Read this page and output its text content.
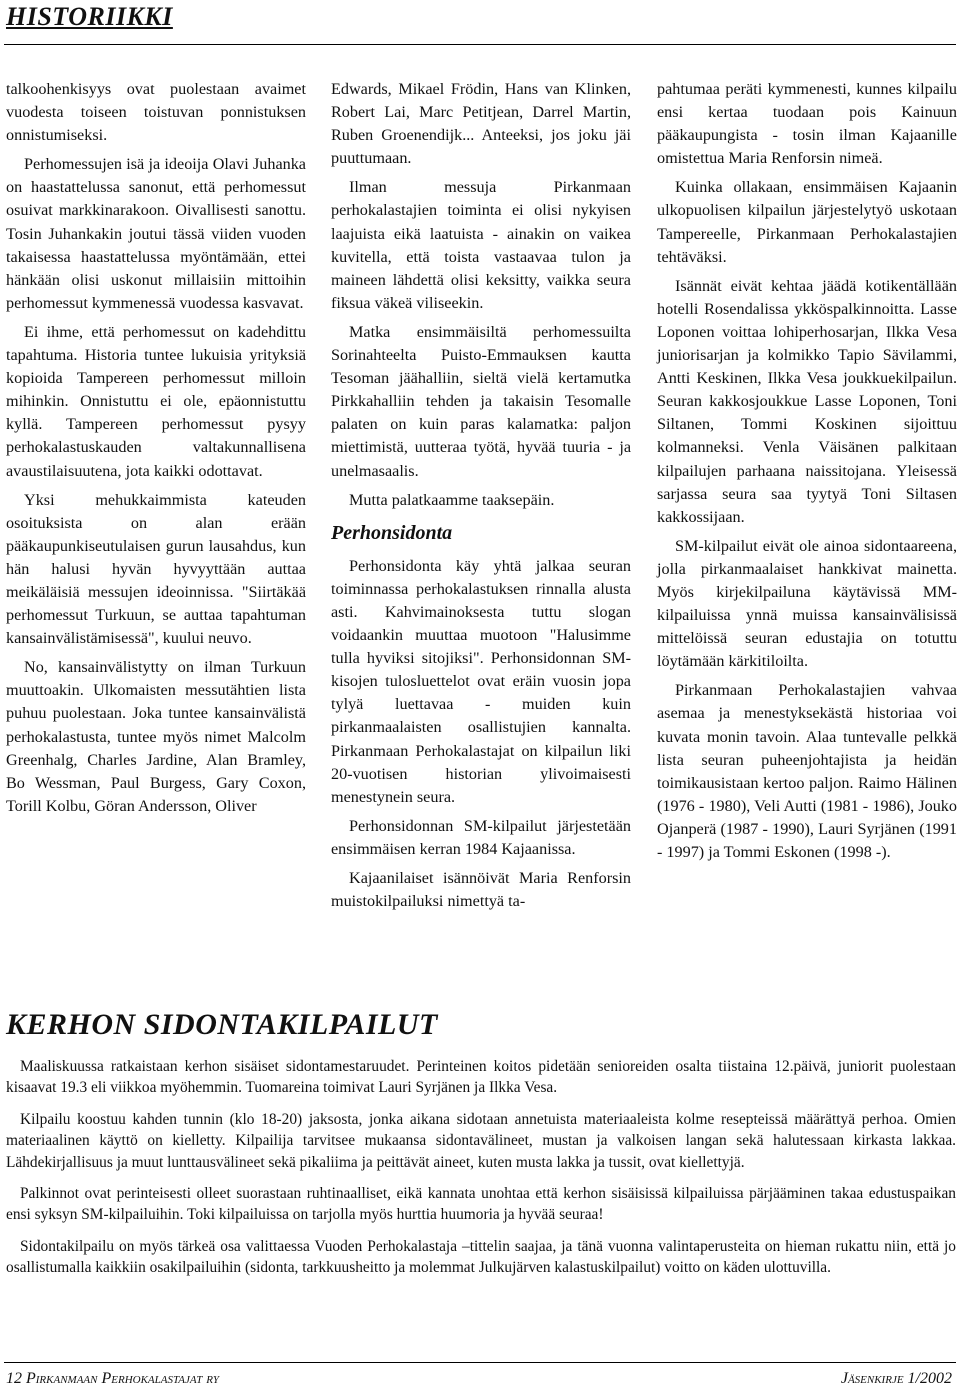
HISTORIIKKI

talkoohenkisyys ovat puolestaan avaimet vuodesta toiseen toistuvan ponnistuksen onnistumiseksi.

Perhomessujen isä ja ideoija Olavi Juhanka on haastattelussa sanonut, että perhomessut osuivat markkinarakoon. Oivallisesti sanottu. Tosin Juhankakin joutui tässä viiden vuoden takaisessa haastattelussa myöntämään, ettei hänkään olisi uskonut millaisiin mittoihin perhomessut kymmenessä vuodessa kasvavat.

Ei ihme, että perhomessut on kadehdittu tapahtuma. Historia tuntee lukuisia yrityksiä kopioida Tampereen perhomessut milloin mihinkin. Onnistuttu ei ole, epäonnistuttu kyllä. Tampereen perhomessut pysyy perhokalastuskauden valtakunnallisena avaustilaisuutena, jota kaikki odottavat.

Yksi mehukkaimmista kateuden osoituksista on alan erään pääkaupunkiseutulaisen gurun lausahdus, kun hän halusi hyvän hyvyyttään auttaa meikäläisiä messujen ideoinnissa. "Siirtäkää perhomessut Turkuun, se auttaa tapahtuman kansainvälistämisessä", kuului neuvo.

No, kansainvälistytty on ilman Turkuun muuttoakin. Ulkomaisten messutähtien lista puhuu puolestaan. Joka tuntee kansainvälistä perhokalastusta, tuntee myös nimet Malcolm Greenhalg, Charles Jardine, Alan Bramley, Bo Wessman, Paul Burgess, Gary Coxon, Torill Kolbu, Göran Andersson, Oliver

Edwards, Mikael Frödin, Hans van Klinken, Robert Lai, Marc Petitjean, Darrel Martin, Ruben Groenendijk... Anteeksi, jos joku jäi puuttumaan.

Ilman messuja Pirkanmaan perhokalastajien toiminta ei olisi nykyisen laajuista eikä laatuista - ainakin on vaikea kuvitella, että toista vastaavaa tulon ja maineen lähdettä olisi keksitty, vaikka seura fiksua väkeä viliseekin.

Matka ensimmäisiltä perhomessuilta Sorinahteelta Puisto-Emmauksen kautta Tesoman jäähalliin, sieltä vielä kertamutka Pirkkahalliin tehden ja takaisin Tesomalle palaten on kuin paras kalamatka: paljon miettimistä, uutteraa työtä, hyvää tuuria - ja unelmasaalis.

Mutta palatkaamme taaksepäin.

Perhonsidonta

Perhonsidonta käy yhtä jalkaa seuran toiminnassa perhokalastuksen rinnalla alusta asti. Kahvimainoksesta tuttu slogan voidaankin muuttaa muotoon "Halusimme tulla hyviksi sitojiksi". Perhonsidonnan SM-kisojen tulosluettelot ovat eräin vuosin jopa tylyä luettavaa - muiden kuin pirkanmaalaisten osallistujien kannalta. Pirkanmaan Perhokalastajat on kilpailun liki 20-vuotisen historian ylivoimaisesti menestynein seura.

Perhonsidonnan SM-kilpailut järjestetään ensimmäisen kerran 1984 Kajaanissa.

Kajaanilaiset isännöivät Maria Renforsin muistokilpailuksi nimettyä ta-

pahtumaa peräti kymmenesti, kunnes kilpailu ensi kertaa tuodaan pois Kainuun pääkaupungista - tosin ilman Kajaanille omistettua Maria Renforsin nimeä.

Kuinka ollakaan, ensimmäisen Kajaanin ulkopuolisen kilpailun järjestelytyö uskotaan Tampereelle, Pirkanmaan Perhokalastajien tehtäväksi.

Isännät eivät kehtaa jäädä kotikentällään hotelli Rosendalissa ykköspalkinnoitta. Lasse Loponen voittaa lohiperhosarjan, Ilkka Vesa juniorisarjan ja kolmikko Tapio Sävilammi, Antti Keskinen, Ilkka Vesa joukkuekilpailun. Seuran kakkosjoukkue Lasse Loponen, Toni Siltanen, Tommi Koskinen sijoittuu kolmanneksi. Venla Väisänen palkitaan kilpailujen parhaana naissitojana. Yleisessä sarjassa seura saa tyytyä Toni Siltasen kakkossijaan.

SM-kilpailut eivät ole ainoa sidontaareena, jolla pirkanmaalaiset hankkivat mainetta. Myös kirjekilpailuna käytävissä MM-kilpailuissa ynnä muissa kansainvälisissä mittelöissä seuran edustajia on totuttu löytämään kärkitiloilta.

Pirkanmaan Perhokalastajien vahvaa asemaa ja menestyksekästä historiaa voi kuvata monin tavoin. Alaa tuntevalle pelkkä lista seuran puheenjohtajista ja heidän toimikausistaan kertoo paljon. Raimo Hälinen (1976 - 1980), Veli Autti (1981 - 1986), Jouko Ojanperä (1987 - 1990), Lauri Syrjänen (1991 - 1997) ja Tommi Eskonen (1998 -).

KERHON SIDONTAKILPAILUT

Maaliskuussa ratkaistaan kerhon sisäiset sidontamestaruudet. Perinteinen koitos pidetään senioreiden osalta tiistaina 12.päivä, juniorit puolestaan kisaavat 19.3 eli viikkoa myöhemmin. Tuomareina toimivat Lauri Syrjänen ja Ilkka Vesa.

Kilpailu koostuu kahden tunnin (klo 18-20) jaksosta, jonka aikana sidotaan annetuista materiaaleista kolme resepteissä määrättyä perhoa. Omien materiaalinen käyttö on kielletty. Kilpailija tarvitsee mukaansa sidontavälineet, mustan ja valkoisen langan sekä halutessaan kirkasta lakkaa. Lähdekirjallisuus ja muut lunttausvälineet sekä pikaliima ja peittävät aineet, kuten musta lakka ja tussit, ovat kiellettyjä.

Palkinnot ovat perinteisesti olleet suorastaan ruhtinaalliset, eikä kannata unohtaa että kerhon sisäisissä kilpailuissa pärjääminen takaa edustuspaikan ensi syksyn SM-kilpailuihin. Toki kilpailuissa on tarjolla myös hurttia huumoria ja hyvää seuraa!

Sidontakilpailu on myös tärkeä osa valittaessa Vuoden Perhokalastaja –tittelin saajaa, ja tänä vuonna valintaperusteita on hieman rukattu niin, että jo osallistumalla kaikkiin osakilpailuihin (sidonta, tarkkuusheitto ja molemmat Julkujärven kalastuskilpailut) voitto on käden ulottuvilla.

12 Pirkanmaan Perhokalastajat ry	Jäsenkirje 1/2002
